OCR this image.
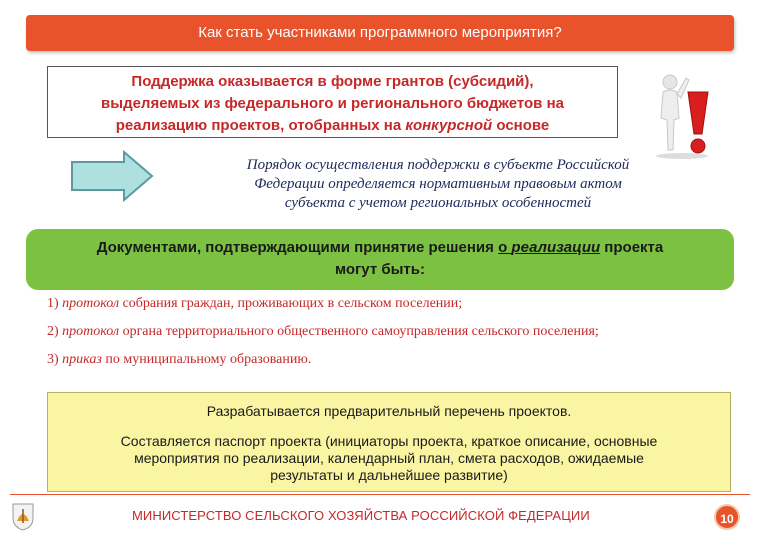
Как стать участниками программного мероприятия?
Поддержка оказывается в форме грантов (субсидий),
выделяемых из федерального и регионального бюджетов на
реализацию проектов, отобранных на конкурсной основе
Порядок осуществления поддержки в субъекте Российской
Федерации определяется нормативным правовым актом
субъекта с учетом региональных особенностей
Документами, подтверждающими принятие решения о реализации проекта
могут быть:
1) протокол собрания граждан, проживающих в сельском поселении;
2) протокол органа территориального общественного самоуправления сельского поселения;
3) приказ по муниципальному образованию.
Разрабатывается предварительный перечень проектов.
Составляется паспорт проекта (инициаторы проекта, краткое описание, основные
мероприятия по реализации, календарный план, смета расходов, ожидаемые
результаты и дальнейшее развитие)
МИНИСТЕРСТВО СЕЛЬСКОГО ХОЗЯЙСТВА РОССИЙСКОЙ ФЕДЕРАЦИИ	10
